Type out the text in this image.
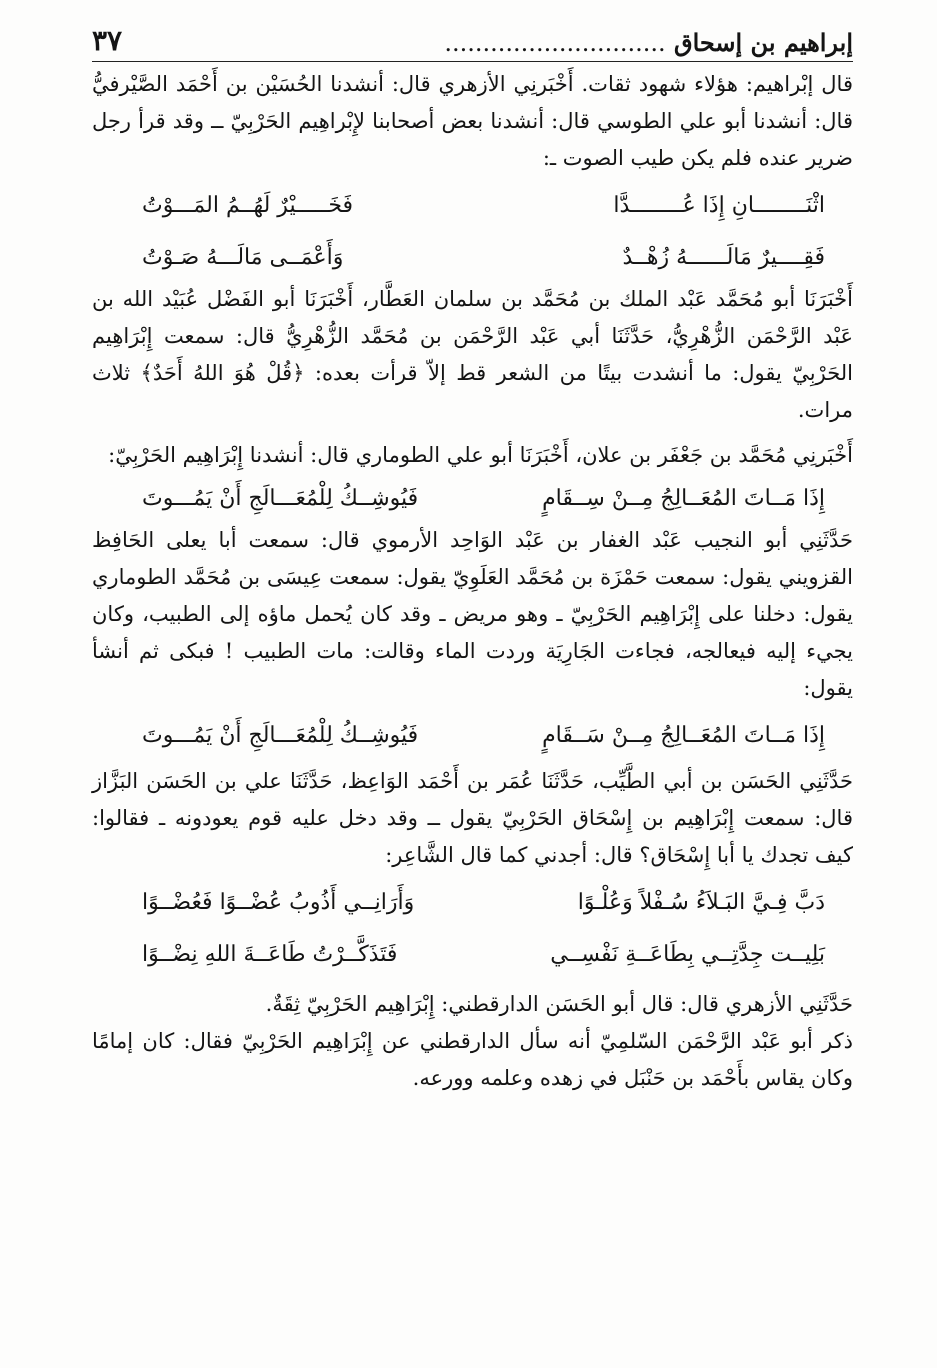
إبراهيم بن إسحاق .............................
٣٧

قال إبْراهيم: هؤلاء شهود ثقات. أَخْبَرنِي الأزهري قال: أنشدنا الحُسَيْن بن أَحْمَد الصَّيْرفيُّ قال: أنشدنا أبو علي الطوسي قال: أنشدنا بعض أصحابنا لإِبْراهِيم الحَرْبِيّ ــ وقد قرأ رجل ضرير عنده فلم يكن طيب الصوت ـ:

اثْنَــــــــانِ إِذَا عُــــــــدَّا
فَخَـــــيْرٌ لَهُــمُ المَـــوْتُ
فَقِــــيرٌ مَالَــــــهُ زُهْــدٌ
وَأَعْمَــى مَالَـــهُ صَـوْتُ

أَخْبَرَنَا أبو مُحَمَّد عَبْد الملك بن مُحَمَّد بن سلمان العَطَّار، أَخْبَرَنَا أبو الفَضْل عُبَيْد الله بن عَبْد الرَّحْمَن الزُّهْرِيُّ، حَدَّثَنَا أبي عَبْد الرَّحْمَن بن مُحَمَّد الزُّهْرِيُّ قال: سمعت إِبْرَاهِيم الحَرْبِيّ يقول: ما أنشدت بيتًا من الشعر قط إلاّ قرأت بعده: ﴿قُلْ هُوَ اللهُ أَحَدٌ﴾ ثلاث مرات.

أَخْبَرنِي مُحَمَّد بن جَعْفَر بن علان، أَخْبَرَنَا أبو علي الطوماري قال: أنشدنا إِبْرَاهِيم الحَرْبِيّ:

إِذَا مَــاتَ المُعَــالِجُ مِــنْ سِــقَامٍ
فَيُوشِــكُ لِلْمُعَـــالَجِ أَنْ يَمُـــوتَ

حَدَّثَنِي أبو النجيب عَبْد الغفار بن عَبْد الوَاحِد الأرموي قال: سمعت أبا يعلى الحَافِظ القزويني يقول: سمعت حَمْزَة بن مُحَمَّد العَلَوِيّ يقول: سمعت عِيسَى بن مُحَمَّد الطوماري يقول: دخلنا على إِبْرَاهِيم الحَرْبِيّ ـ وهو مريض ـ وقد كان يُحمل ماؤه إلى الطبيب، وكان يجيء إليه فيعالجه، فجاءت الجَارِيَة وردت الماء وقالت: مات الطبيب ! فبكى ثم أنشأ يقول:

إِذَا مَــاتَ المُعَــالِجُ مِــنْ سَــقَامٍ
فَيُوشِــكُ لِلْمُعَـــالَجِ أَنْ يَمُـــوتَ

حَدَّثَنِي الحَسَن بن أبي الطَّيِّب، حَدَّثَنَا عُمَر بن أَحْمَد الوَاعِظ، حَدَّثَنَا علي بن الحَسَن البَزَّاز قال: سمعت إِبْرَاهِيم بن إِسْحَاق الحَرْبِيّ يقول ــ وقد دخل عليه قوم يعودونه ـ فقالوا: كيف تجدك يا أبا إِسْحَاق؟ قال: أجدني كما قال الشَّاعِر:

دَبَّ فِـيَّ البَـلاَءُ سُـفْلاً وَعُلْـوًا
وَأَرَانِــي أَذُوبُ عُضْــوًا فَعُضْــوًا
بَلِيــت جِدَّتِــي بِطَاعَــةِ نَفْسِــي
فَتَذَكَّــرْتُ طَاعَــةَ اللهِ نِضْــوًا

حَدَّثَنِي الأزهري قال: قال أبو الحَسَن الدارقطني: إِبْرَاهِيم الحَرْبِيّ ثِقَةٌ.

ذكر أبو عَبْد الرَّحْمَن السّلمِيّ أنه سأل الدارقطني عن إِبْرَاهِيم الحَرْبِيّ فقال: كان إمامًا وكان يقاس بأَحْمَد بن حَنْبَل في زهده وعلمه وورعه.
